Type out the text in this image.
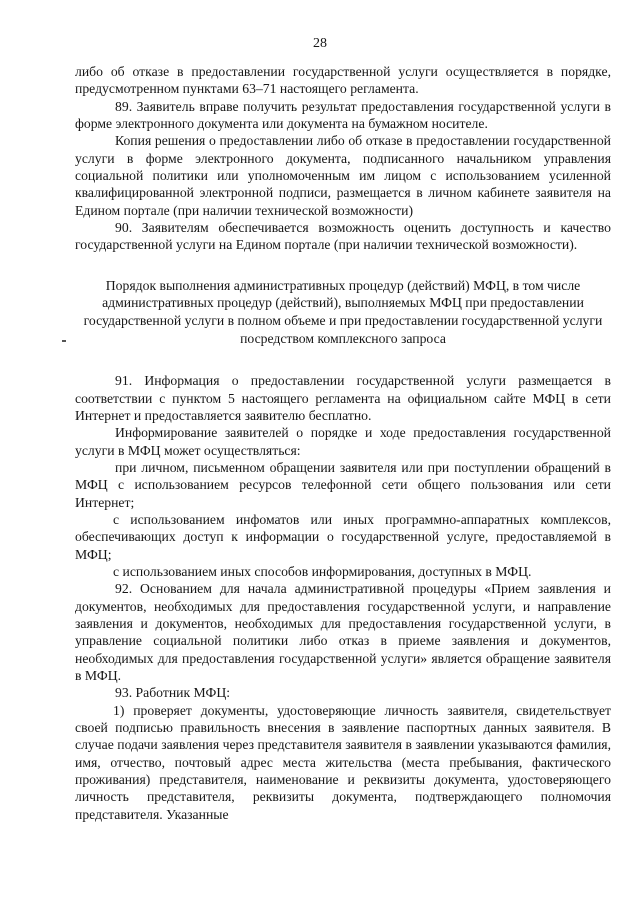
28

либо об отказе в предоставлении государственной услуги осуществляется в порядке, предусмотренном пунктами 63–71 настоящего регламента.

89. Заявитель вправе получить результат предоставления государственной услуги в форме электронного документа или документа на бумажном носителе.

Копия решения о предоставлении либо об отказе в предоставлении государственной услуги в форме электронного документа, подписанного начальником управления социальной политики или уполномоченным им лицом с использованием усиленной квалифицированной электронной подписи, размещается в личном кабинете заявителя на Едином портале (при наличии технической возможности)

90. Заявителям обеспечивается возможность оценить доступность и качество государственной услуги на Едином портале (при наличии технической возможности).

Порядок выполнения административных процедур (действий) МФЦ, в том числе административных процедур (действий), выполняемых МФЦ при предоставлении государственной услуги в полном объеме и при предоставлении государственной услуги посредством комплексного запроса

91. Информация о предоставлении государственной услуги размещается в соответствии с пунктом 5 настоящего регламента на официальном сайте МФЦ в сети Интернет и предоставляется заявителю бесплатно.

Информирование заявителей о порядке и ходе предоставления государственной услуги в МФЦ может осуществляться:

при личном, письменном обращении заявителя или при поступлении обращений в МФЦ с использованием ресурсов телефонной сети общего пользования или сети Интернет;

с использованием инфоматов или иных программно-аппаратных комплексов, обеспечивающих доступ к информации о государственной услуге, предоставляемой в МФЦ;

с использованием иных способов информирования, доступных в МФЦ.

92. Основанием для начала административной процедуры «Прием заявления и документов, необходимых для предоставления государственной услуги, и направление заявления и документов, необходимых для предоставления государственной услуги, в управление социальной политики либо отказ в приеме заявления и документов, необходимых для предоставления государственной услуги» является обращение заявителя в МФЦ.

93. Работник МФЦ:

1) проверяет документы, удостоверяющие личность заявителя, свидетельствует своей подписью правильность внесения в заявление паспортных данных заявителя. В случае подачи заявления через представителя заявителя в заявлении указываются фамилия, имя, отчество, почтовый адрес места жительства (места пребывания, фактического проживания) представителя, наименование и реквизиты документа, удостоверяющего личность представителя, реквизиты документа, подтверждающего полномочия представителя. Указанные
